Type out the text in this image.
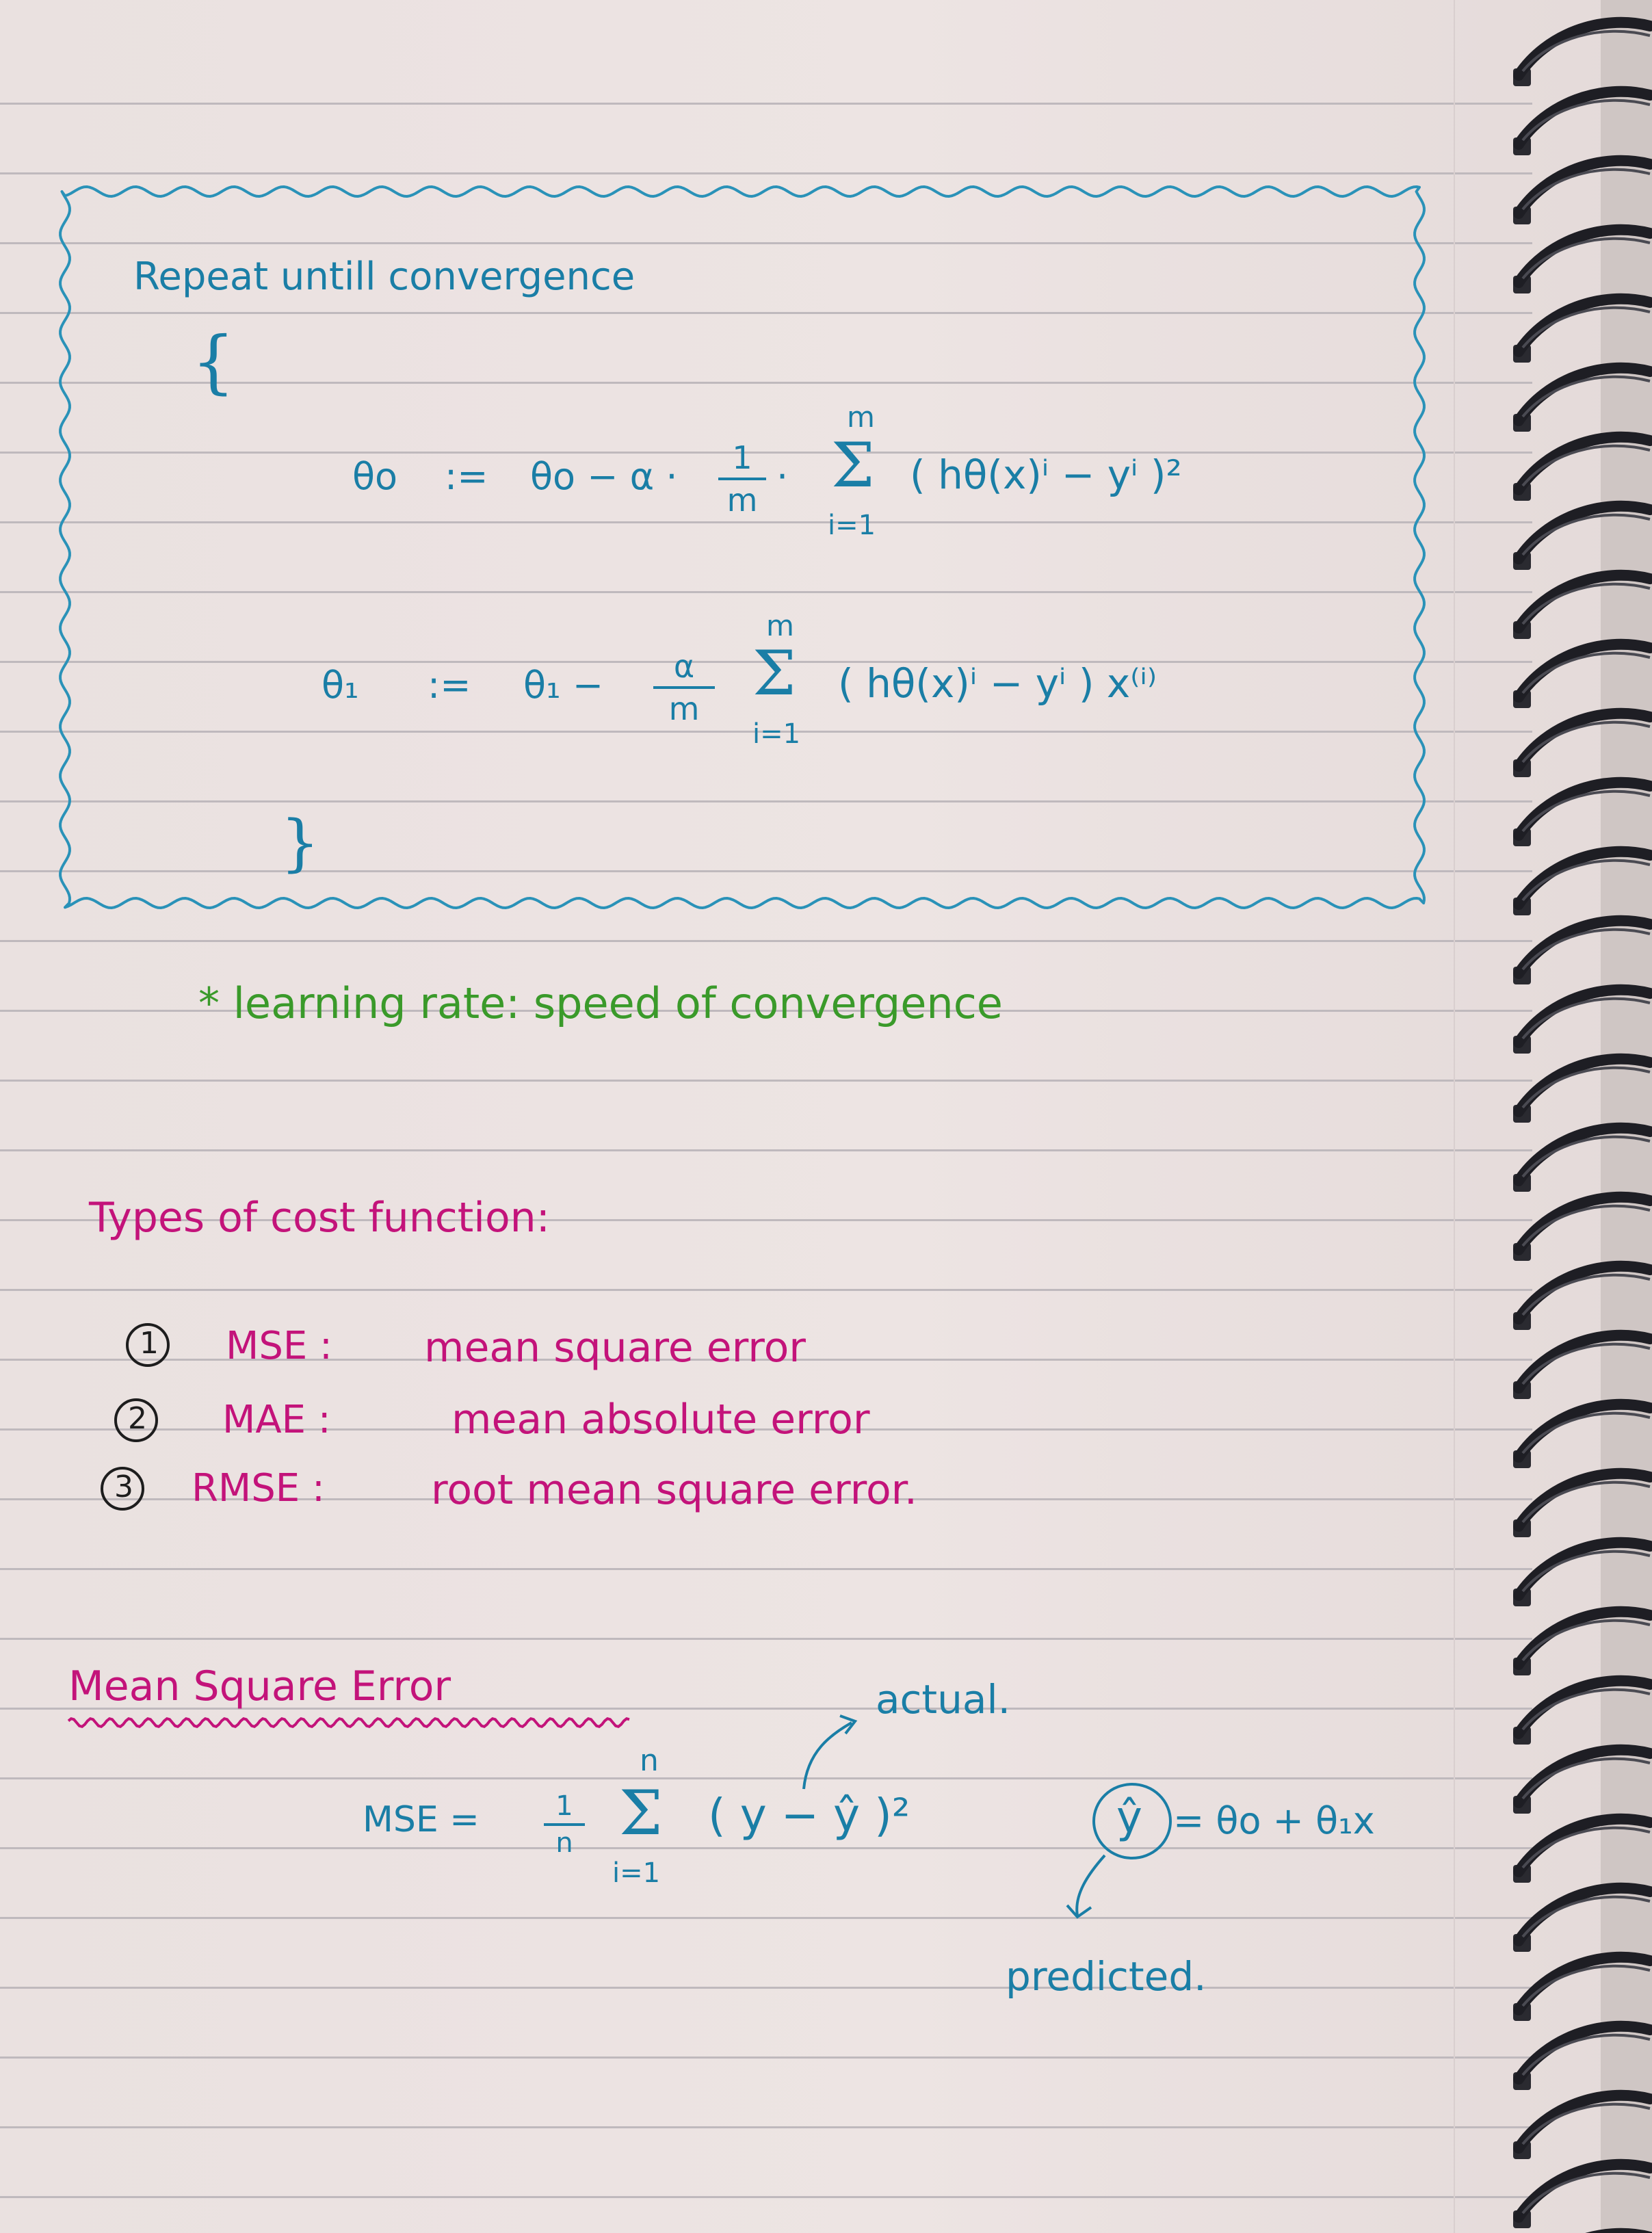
Repeat untill convergence
{
θo := $\theta o - \alpha \cdot \frac{1}{m}$ ·
m
Σ
i=1
( hθ(x)ⁱ − yⁱ )²
θ₁ := $\theta_1 - \frac{\alpha}{m}$
m
Σ
i=1
( hθ(x)ⁱ − yⁱ ) x⁽ⁱ⁾
}
* learning rate: speed of convergence
Types of cost function:
1 MSE : mean square error
2 MAE :	mean absolute error
3 RMSE :	root mean square error.
Mean Square Error
MSE = $\frac{1}{n}$
n
Σ
i=1
( y − ŷ )²
actual.
ŷ = θo + θ₁x
predicted.
